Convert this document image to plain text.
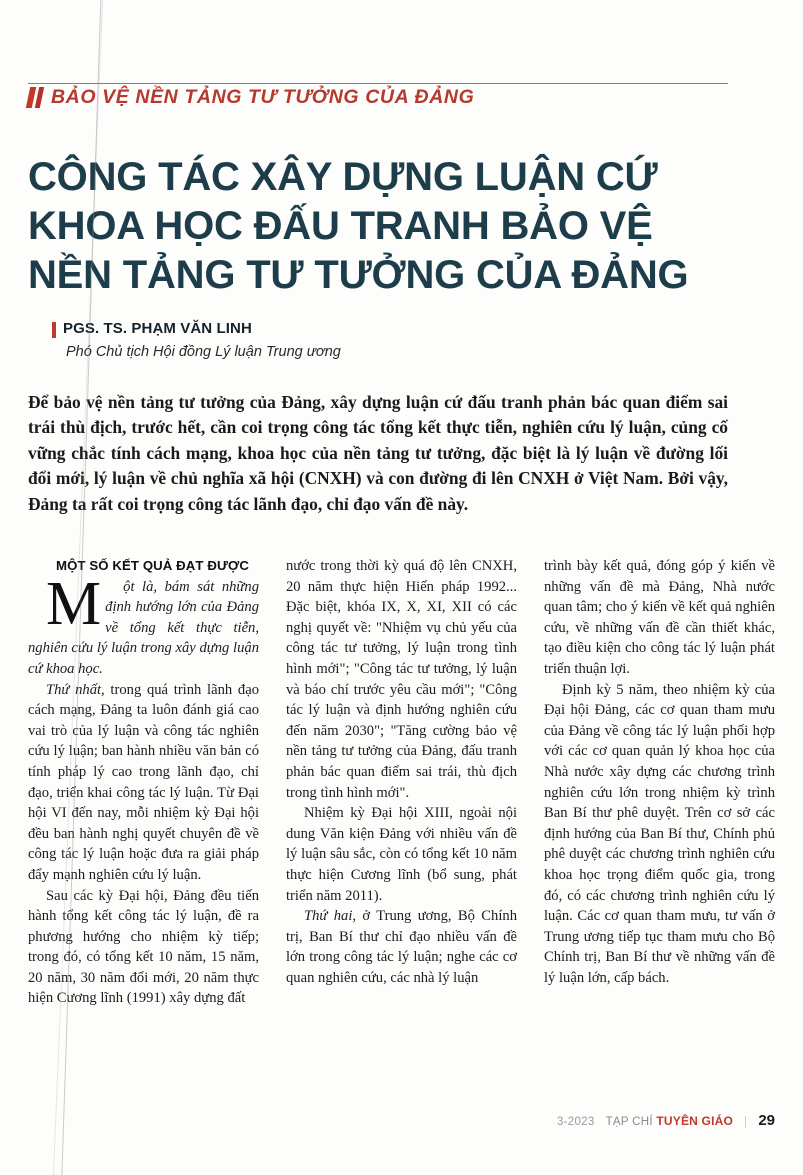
BẢO VỆ NỀN TẢNG TƯ TƯỞNG CỦA ĐẢNG
CÔNG TÁC XÂY DỰNG LUẬN CỨ
KHOA HỌC ĐẤU TRANH BẢO VỆ
NỀN TẢNG TƯ TƯỞNG CỦA ĐẢNG
PGS. TS. PHẠM VĂN LINH
Phó Chủ tịch Hội đồng Lý luận Trung ương
Để bảo vệ nền tảng tư tưởng của Đảng, xây dựng luận cứ đấu tranh phản bác quan điểm sai trái thù địch, trước hết, cần coi trọng công tác tổng kết thực tiễn, nghiên cứu lý luận, củng cố vững chắc tính cách mạng, khoa học của nền tảng tư tưởng, đặc biệt là lý luận về đường lối đổi mới, lý luận về chủ nghĩa xã hội (CNXH) và con đường đi lên CNXH ở Việt Nam. Bởi vậy, Đảng ta rất coi trọng công tác lãnh đạo, chỉ đạo vấn đề này.

MỘT SỐ KẾT QUẢ ĐẠT ĐƯỢC

M ột là, bám sát những định hướng lớn của Đảng về tổng kết thực tiễn, nghiên cứu lý luận trong xây dựng luận cứ khoa học.

Thứ nhất, trong quá trình lãnh đạo cách mạng, Đảng ta luôn đánh giá cao vai trò của lý luận và công tác nghiên cứu lý luận; ban hành nhiều văn bản có tính pháp lý cao trong lãnh đạo, chỉ đạo, triển khai công tác lý luận. Từ Đại hội VI đến nay, mỗi nhiệm kỳ Đại hội đều ban hành nghị quyết chuyên đề về công tác lý luận hoặc đưa ra giải pháp đẩy mạnh nghiên cứu lý luận.

Sau các kỳ Đại hội, Đảng đều tiến hành tổng kết công tác lý luận, đề ra phương hướng cho nhiệm kỳ tiếp; trong đó, có tổng kết 10 năm, 15 năm, 20 năm, 30 năm đổi mới, 20 năm thực hiện Cương lĩnh (1991) xây dựng đất

nước trong thời kỳ quá độ lên CNXH, 20 năm thực hiện Hiến pháp 1992... Đặc biệt, khóa IX, X, XI, XII có các nghị quyết về: "Nhiệm vụ chủ yếu của công tác tư tưởng, lý luận trong tình hình mới"; "Công tác tư tưởng, lý luận và báo chí trước yêu cầu mới"; "Công tác lý luận và định hướng nghiên cứu đến năm 2030"; "Tăng cường bảo vệ nền tảng tư tưởng của Đảng, đấu tranh phản bác quan điểm sai trái, thù địch trong tình hình mới".

Nhiệm kỳ Đại hội XIII, ngoài nội dung Văn kiện Đảng với nhiều vấn đề lý luận sâu sắc, còn có tổng kết 10 năm thực hiện Cương lĩnh (bổ sung, phát triển năm 2011).

Thứ hai, ở Trung ương, Bộ Chính trị, Ban Bí thư chỉ đạo nhiều vấn đề lớn trong công tác lý luận; nghe các cơ quan nghiên cứu, các nhà lý luận

trình bày kết quả, đóng góp ý kiến về những vấn đề mà Đảng, Nhà nước quan tâm; cho ý kiến về kết quả nghiên cứu, về những vấn đề cần thiết khác, tạo điều kiện cho công tác lý luận phát triển thuận lợi.

Định kỳ 5 năm, theo nhiệm kỳ của Đại hội Đảng, các cơ quan tham mưu của Đảng về công tác lý luận phối hợp với các cơ quan quản lý khoa học của Nhà nước xây dựng các chương trình nghiên cứu lớn trong nhiệm kỳ trình Ban Bí thư phê duyệt. Trên cơ sở các định hướng của Ban Bí thư, Chính phủ phê duyệt các chương trình nghiên cứu khoa học trọng điểm quốc gia, trong đó, có các chương trình nghiên cứu lý luận. Các cơ quan tham mưu, tư vấn ở Trung ương tiếp tục tham mưu cho Bộ Chính trị, Ban Bí thư về những vấn đề lý luận lớn, cấp bách.

3-2023 TẠP CHÍ TUYÊN GIÁO | 29
